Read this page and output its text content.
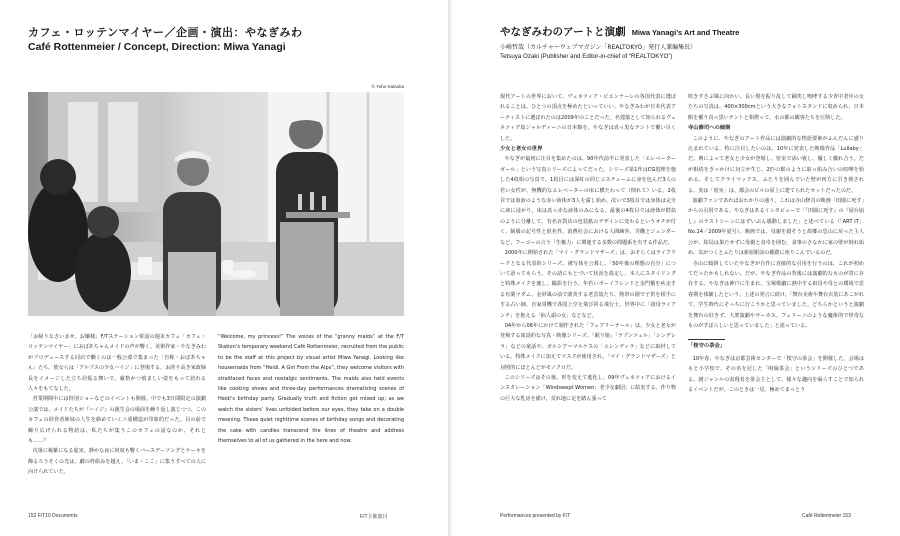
カフェ・ロッテンマイヤー／企画・演出：やなぎみわ
Café Rottenmeier / Concept, Direction: Miwa Yanagi
© Yoho Kataoka

「お帰りなさいませ、お嬢様」F/Tステーション併設の週末カフェ「カフェ・ロッテンマイヤー」におばあちゃんメイドの声が響く。美術作家・やなぎみわがプロデュースする同店で働くのは一般公募で集まった「自称・おばあちゃん」たち。彼女らは「アルプスの少女ハイジ」に登場する、お誇り高き家政婦長をイメージした立ち居振る舞いで、厳格かつ慎ましい姿をもって訪れる人々をもてなした。

営業期間中には特別ショーなどのイベントも開催。中でも3日間限定の演劇公演では、メイドたちが『ハイジ』の誕生会の場面を繰り返し演じつつ、このカフェの経営者姉妹の人生を絡めていくニ重構造が印象的だった。目の前で繰り広げられる物語は、私たちが集うこのカフェの話なのか、それとも……？

次第に複雑になる虚実。静かな夜に何度も響くバースデーソングとケーキを飾るろうそくの光は、劇の枠組みを越え、「いま・ここ」に集うすべての人に向けられていた。

“Welcome, my princess!” The voices of the “granny maids” at the F/T Station’s temporary weekend Café Rottenmeier, recruited from the public to be the staff at this project by visual artist Miwa Yanagi. Looking like housemaids from “Heidi, A Girl From the Alps”, they welcome visitors with straitlaced faces and nostalgic sentiments. The maids also held events like cooking shows and three-day performances dramatizing scenes of Heidi’s birthday party. Gradually truth and fiction got mixed up; as we watch the sisters’ lives unfolded before our eyes, they take on a double meaning. These quiet nighttime scenes of birthday songs and decorating the cake with candles transcend the lines of theatre and address themselves to all of us gathered in the here and now.

152 F/T10 Documents	F/T主催演目
やなぎみわのアートと演劇 Miwa Yanagi’s Art and Theatre
小崎哲哉（カルチャーウェブマガジン「REALTOKYO」発行人兼編集長）
Tetsuya Ozaki (Publisher and Editor-in-chief of “REALTOKYO”)

現代アートの世界において、ヴェネツィア・ビエンナーレの各国代表に選ばれることは、ひとつの頂点を極めたといっていい。やなぎみわが日本代表アーティストに選ばれたのは2009年のことだった。名建築として知られるヴェネツィア島ジャルディーニの日本館を、やなぎは真っ黒なテントで覆い尽くした。

少女と老女の世界

やなぎが最初に注目を集めたのは、90年代前半に発表した「エレベーターガール」という写真シリーズによってだった。シリーズ第1作はCG処理を施した4枚組の写真で、1枚目には深紅の同じコスチュームに身を包んだ3人の若い女性が、無機的なエレベーターの床に横たわって（倒れて）いる。2枚目では血液のような赤い液体が3人を濡し始め、次いで3枚目では身体は完全に液に浸かり、床は真っ赤な液体のみになる。最後の4枚目では液体が群島のように分離して、有名百貨店の包装紙のデザインに変わるというオチが付く。制服の記号性と匿名性、消費社会における人間疎外、労働とジェンダーなど、フーコーの言う「生権力」に関連する多数の問題系を有する作品だ。

2000年に開始された「マイ・グランドマザーズ」は、おそらくはライフワークとなる代表的シリーズ。被写体を公募し、「50年後の理想の自分」について語ってもらう。その話にもとづいて状況を設定し、本人にスタイリングと特殊メイクを施し、撮影を行う。年若いボーイフレンドと金門橋を疾走する有閑マダム、金屏風の前で訓英する老芸妓たち、熱帯の園で子供を相手にする占い師、自家用機で各国上空を飛び回る飛行士、世界中に「叔母ライアンチ」を抱える「仙人頭の女」などなど。

04年から06年にかけて制作された「フェアリーテール」は、少女と老女が登場する寓話的な写真・映像シリーズ。「眠り姫」「ラプンツェル」「シンデレラ」などの童話や、ガルシア＝マルケスの「エレンディラ」などに取材している。特殊メイクに加えてマスクが使用され、「マイ・グランドマザーズ」と対照的にほとんどがモノクロだ。

このシリーズはその後、形を変えて進化し、09年ヴェネツィアにおけるインスタレーション「Windswept Women：老少女劇団」に結実する。作り物の巨大な乳房を備け、荒れ地に足を踏ん張って

吹きすさぶ風に向かい、長い髪を振り乱して踊笑し咆哮する少青中老年の女たちの写真は、400×300cmという大きなフォトスタンドに収められ、日本館を覆う真っ黒いテントと相俟って、水の都の観客たちを圧倒した。

寺山修司への傾倒

このように、やなぎのアート作品には演劇的な物語要素がふんだんに盛り込まれている。特に注目したいのは、10年に発表した映像作品「Lullaby」だ。例によって老女と少女が登場し、密室で添い寝し、優しく戯れ合う。だが相続をきっかけに対立が生じ、2匹の獣のように取っ組み合いの喧嘩を始める。そしてクライマックス。ふたりを囲んでいた壁が四方に引き倒される。実は「密室」は、都会のビルの屋上に建てられたセットだったのだ。

演劇ファンであればおわかりの通り、これは寺山修司の映画「田園に死す」からの引用である。やなぎはあるインタビューで「『田園に死す』の『屋台崩し』のラストシーンにはずいぶん感動しました」と述べている（「ART iT」No.24／2009年夏号）。映画では、母親を殺そうと故郷の恐山に戻った主人公が、結局は果たせずに母親と食卓を囲む。食事のさなかに家の壁が倒れ始め、気がつくとふたりは新宿駅前の雑踏に座りこんでいるのだ。

寺山に傾倒していたやなぎが自作に直接的な引用を行うのは、これが初めてだったかもしれない。だが、やなぎ作品の背後には演劇的なものが常に存在する。やなぎは神戸に生まれ、宝塚歌劇に熱中する祖母や母との環境で思春期を体験したという。上述の発言に続け、「舞台美術や舞台衣装にあこがれて、学生時代にそっちに行こうかと思っていました。どちらかというと演劇を舞台の好きず、大衆演劇やサーカス、フェリーニのような魔術的で怪奇なものがすばらしいと思っていました」と語っている。

「桜守の茶会」

10年春、やなぎは京都芸術センターで「桜守の茶会」を開催した。会場はもと小学校で、その名を冠した「明倫茶会」というシリーズのひとつである。謎ジャンルの表現者を茶会主として、様々な趣向を凝らすことで知られるイベントだが、このときは一見、極めてまっとう

Performances presented by F/T	Café Rottenmeier 153
